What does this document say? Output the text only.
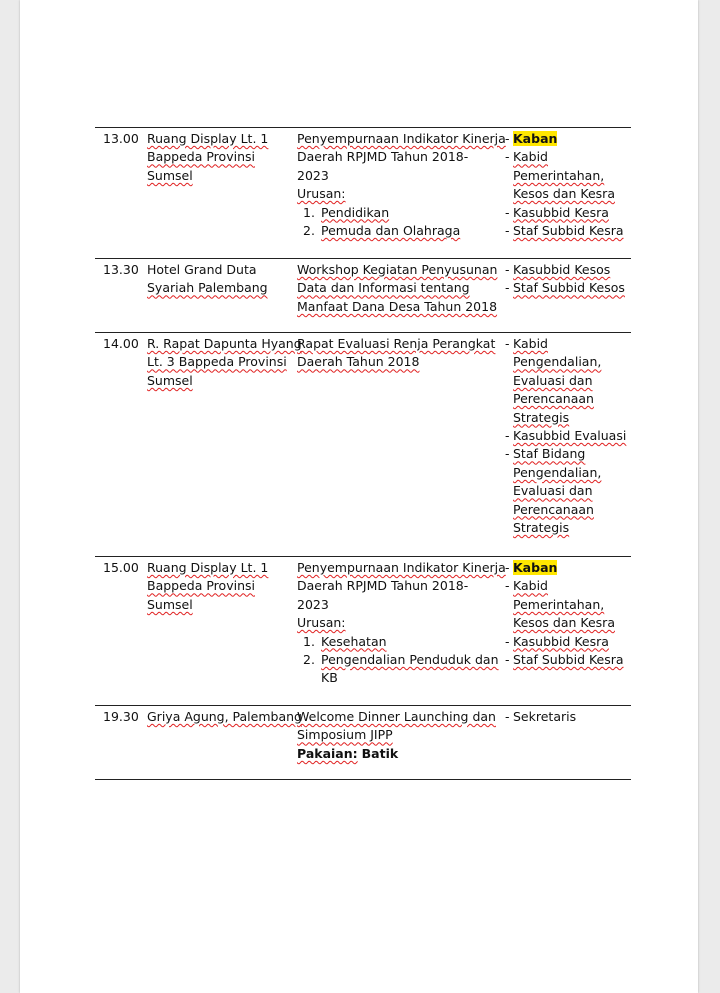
13.00 Ruang Display Lt. 1
Bappeda Provinsi
Sumsel
Penyempurnaan Indikator Kinerja
Daerah RPJMD Tahun 2018-
2023
Urusan:
1. Pendidikan
2. Pemuda dan Olahraga
- Kaban
- Kabid
Pemerintahan,
Kesos dan Kesra
- Kasubbid Kesra
- Staf Subbid Kesra
13.30 Hotel Grand Duta
Syariah Palembang
Workshop Kegiatan Penyusunan
Data dan Informasi tentang
Manfaat Dana Desa Tahun 2018
- Kasubbid Kesos
- Staf Subbid Kesos
14.00 R. Rapat Dapunta Hyang
Lt. 3 Bappeda Provinsi
Sumsel
Rapat Evaluasi Renja Perangkat
Daerah Tahun 2018
- Kabid
Pengendalian,
Evaluasi dan
Perencanaan
Strategis
- Kasubbid Evaluasi
- Staf Bidang
Pengendalian,
Evaluasi dan
Perencanaan
Strategis
15.00 Ruang Display Lt. 1
Bappeda Provinsi
Sumsel
Penyempurnaan Indikator Kinerja
Daerah RPJMD Tahun 2018-
2023
Urusan:
1. Kesehatan
2. Pengendalian Penduduk dan
KB
- Kaban
- Kabid
Pemerintahan,
Kesos dan Kesra
- Kasubbid Kesra
- Staf Subbid Kesra
19.30 Griya Agung, Palembang
Welcome Dinner Launching dan
Simposium JIPP
Pakaian: Batik
- Sekretaris
